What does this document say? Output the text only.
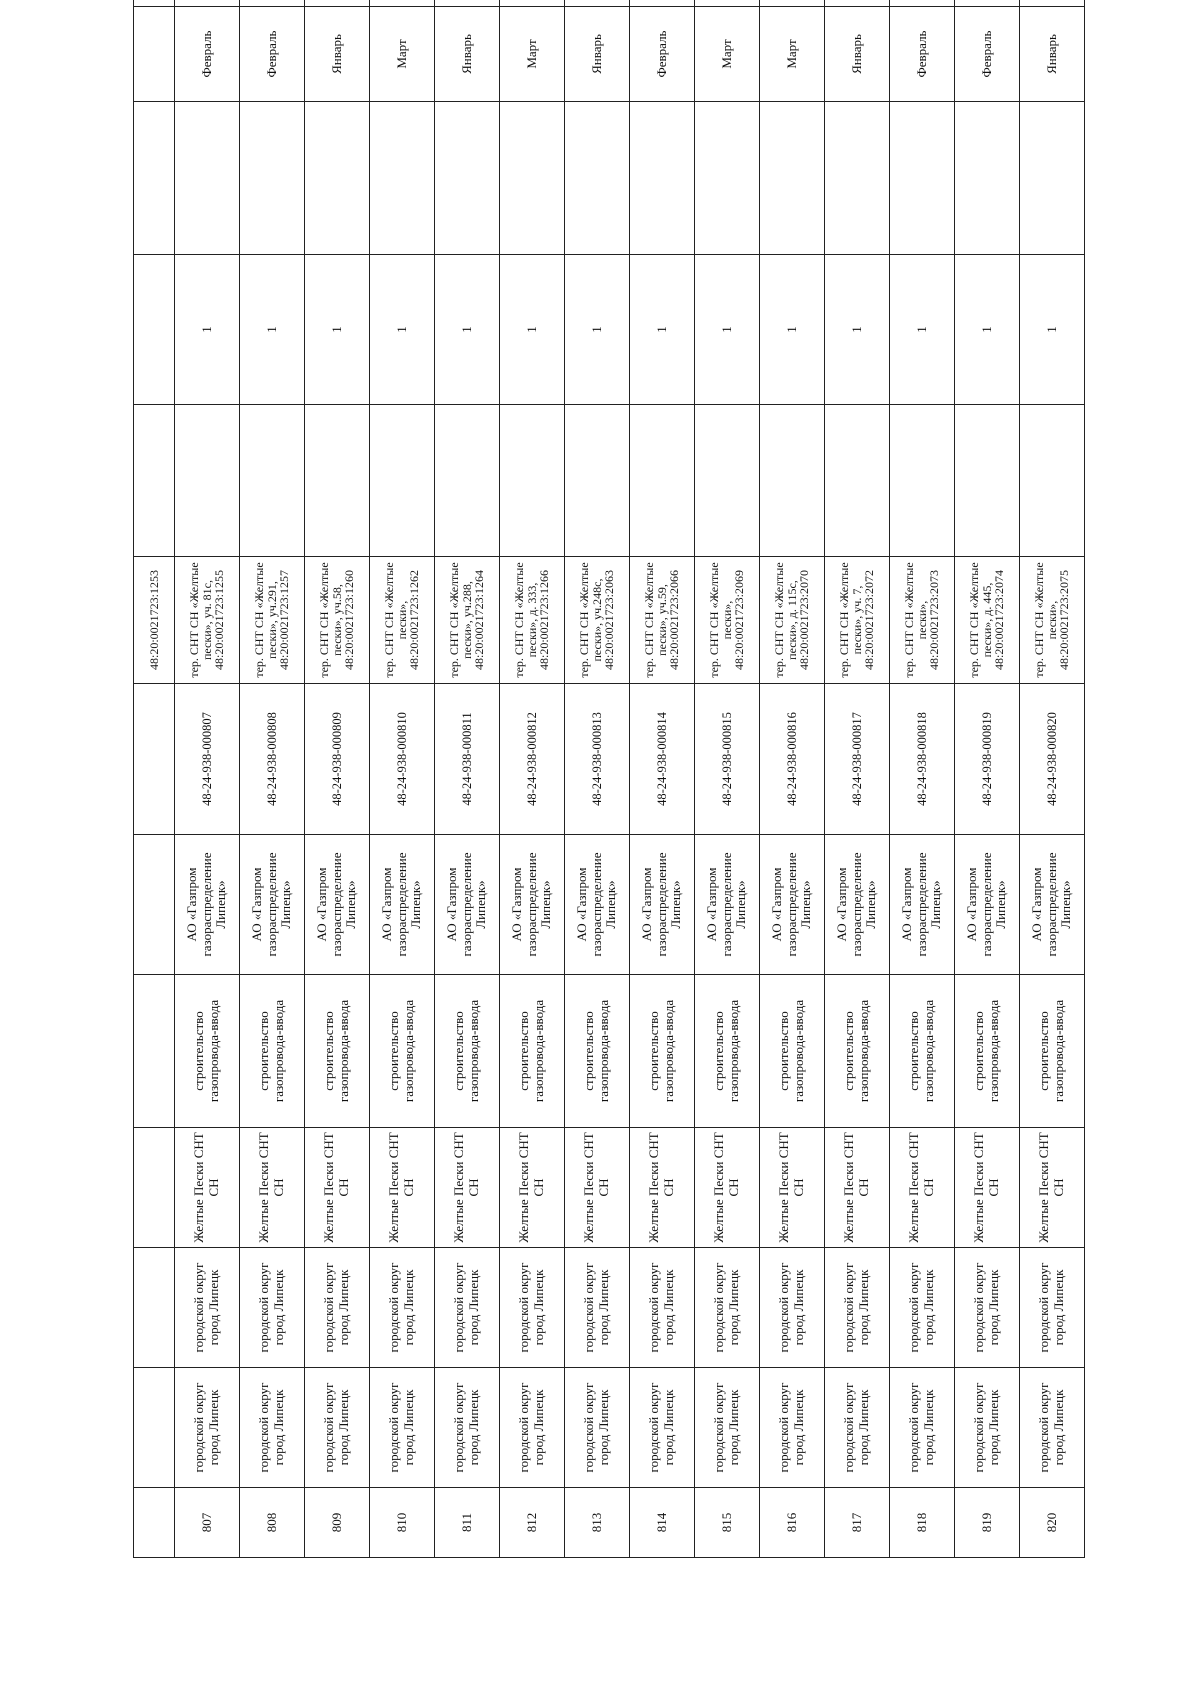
							48:20:0021723:1253					
807	городской округ город Липецк	городской округ город Липецк	Желтые Пески СНТ СН	строительство газопровода-ввода	АО «Газпром газораспределение Липецк»	48-24-938-000807	тер. СНТ СН «Желтые пески», уч. 81с, 48:20:0021723:1255		1		Февраль	
808	городской округ город Липецк	городской округ город Липецк	Желтые Пески СНТ СН	строительство газопровода-ввода	АО «Газпром газораспределение Липецк»	48-24-938-000808	тер. СНТ СН «Желтые пески», уч.291, 48:20:0021723:1257		1		Февраль	
809	городской округ город Липецк	городской округ город Липецк	Желтые Пески СНТ СН	строительство газопровода-ввода	АО «Газпром газораспределение Липецк»	48-24-938-000809	тер. СНТ СН «Желтые пески», уч.58, 48:20:0021723:1260		1		Январь	
810	городской округ город Липецк	городской округ город Липецк	Желтые Пески СНТ СН	строительство газопровода-ввода	АО «Газпром газораспределение Липецк»	48-24-938-000810	тер. СНТ СН «Желтые пески», 48:20:0021723:1262		1		Март	
811	городской округ город Липецк	городской округ город Липецк	Желтые Пески СНТ СН	строительство газопровода-ввода	АО «Газпром газораспределение Липецк»	48-24-938-000811	тер. СНТ СН «Желтые пески», уч.288, 48:20:0021723:1264		1		Январь	
812	городской округ город Липецк	городской округ город Липецк	Желтые Пески СНТ СН	строительство газопровода-ввода	АО «Газпром газораспределение Липецк»	48-24-938-000812	тер. СНТ СН «Желтые пески», д. 333, 48:20:0021723:1266		1		Март	
813	городской округ город Липецк	городской округ город Липецк	Желтые Пески СНТ СН	строительство газопровода-ввода	АО «Газпром газораспределение Липецк»	48-24-938-000813	тер. СНТ СН «Желтые пески», уч.248с, 48:20:0021723:2063		1		Январь	
814	городской округ город Липецк	городской округ город Липецк	Желтые Пески СНТ СН	строительство газопровода-ввода	АО «Газпром газораспределение Липецк»	48-24-938-000814	тер. СНТ СН «Желтые пески», уч.59, 48:20:0021723:2066		1		Февраль	
815	городской округ город Липецк	городской округ город Липецк	Желтые Пески СНТ СН	строительство газопровода-ввода	АО «Газпром газораспределение Липецк»	48-24-938-000815	тер. СНТ СН «Желтые пески», 48:20:0021723:2069		1		Март	
816	городской округ город Липецк	городской округ город Липецк	Желтые Пески СНТ СН	строительство газопровода-ввода	АО «Газпром газораспределение Липецк»	48-24-938-000816	тер. СНТ СН «Желтые пески», д. 115с, 48:20:0021723:2070		1		Март	
817	городской округ город Липецк	городской округ город Липецк	Желтые Пески СНТ СН	строительство газопровода-ввода	АО «Газпром газораспределение Липецк»	48-24-938-000817	тер. СНТ СН «Желтые пески», уч. 7, 48:20:0021723:2072		1		Январь	
818	городской округ город Липецк	городской округ город Липецк	Желтые Пески СНТ СН	строительство газопровода-ввода	АО «Газпром газораспределение Липецк»	48-24-938-000818	тер. СНТ СН «Желтые пески», 48:20:0021723:2073		1		Февраль	
819	городской округ город Липецк	городской округ город Липецк	Желтые Пески СНТ СН	строительство газопровода-ввода	АО «Газпром газораспределение Липецк»	48-24-938-000819	тер. СНТ СН «Желтые пески», д. 445, 48:20:0021723:2074		1		Февраль	
820	городской округ город Липецк	городской округ город Липецк	Желтые Пески СНТ СН	строительство газопровода-ввода	АО «Газпром газораспределение Липецк»	48-24-938-000820	тер. СНТ СН «Желтые пески», 48:20:0021723:2075		1		Январь	
